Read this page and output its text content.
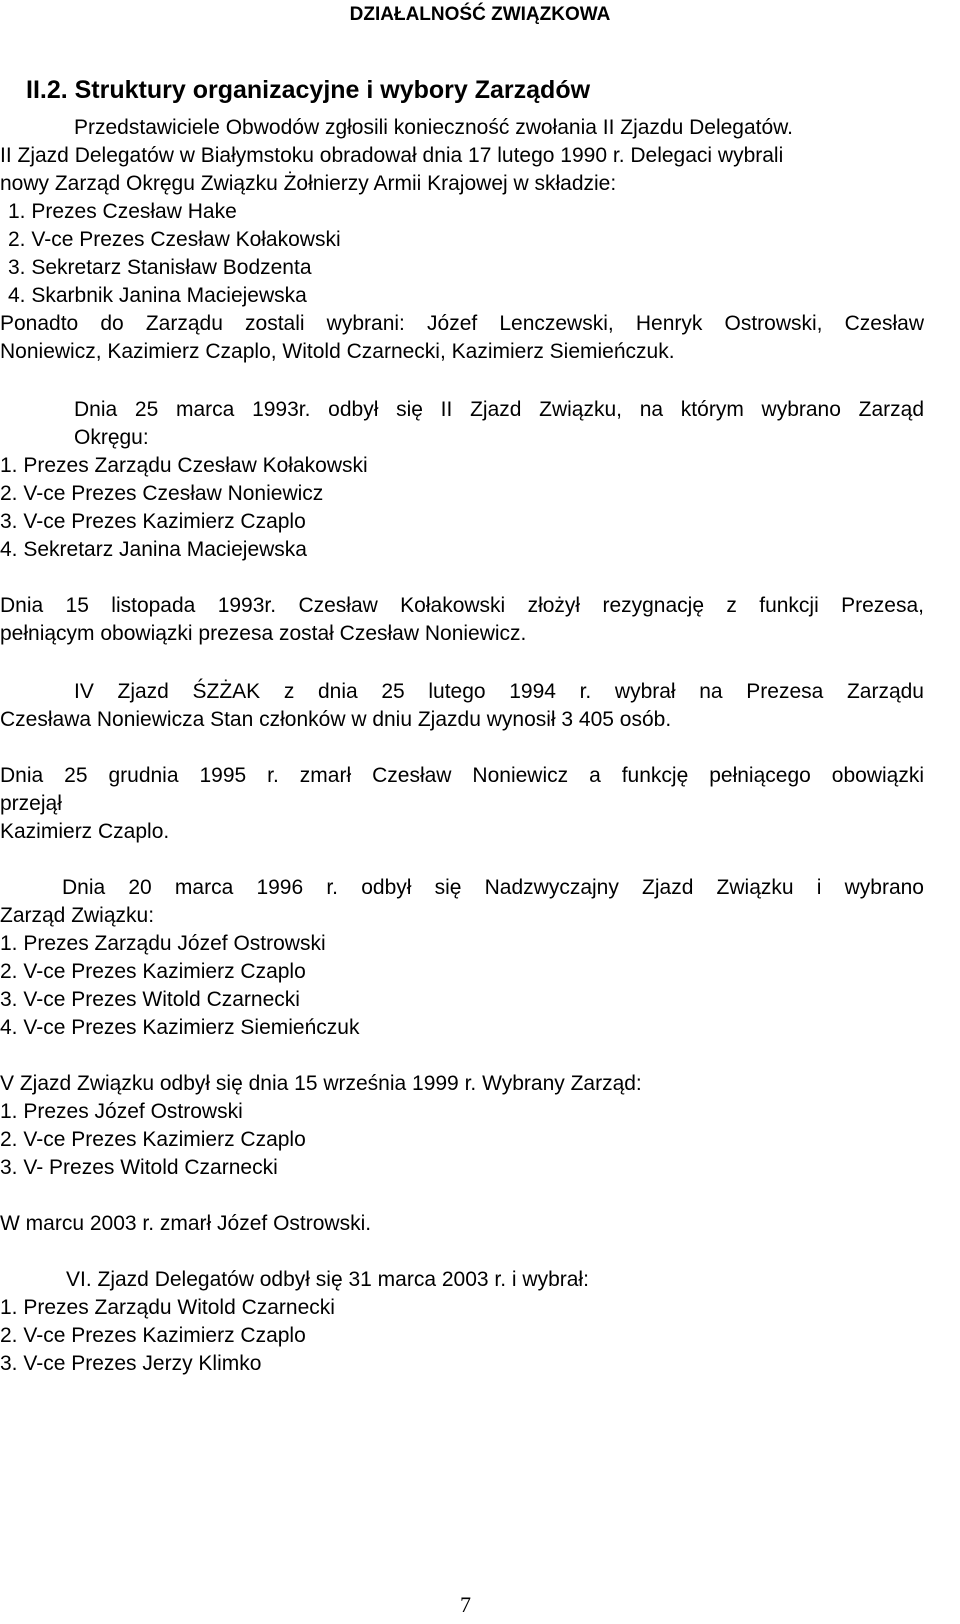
DZIAŁALNOŚĆ ZWIĄZKOWA
II.2. Struktury organizacyjne i wybory Zarządów
Przedstawiciele Obwodów zgłosili konieczność zwołania II Zjazdu Delegatów.
II Zjazd Delegatów w Białymstoku obradował dnia 17 lutego 1990 r. Delegaci wybrali
nowy Zarząd Okręgu Związku Żołnierzy Armii Krajowej w składzie:
1. Prezes Czesław Hake
2. V-ce Prezes Czesław Kołakowski
3. Sekretarz Stanisław Bodzenta
4. Skarbnik Janina Maciejewska
Ponadto do Zarządu zostali wybrani: Józef Lenczewski, Henryk Ostrowski, Czesław
Noniewicz, Kazimierz Czaplo, Witold Czarnecki, Kazimierz Siemieńczuk.
Dnia 25 marca 1993r. odbył się II Zjazd Związku, na którym wybrano Zarząd
Okręgu:
1. Prezes Zarządu Czesław Kołakowski
2. V-ce Prezes Czesław Noniewicz
3. V-ce Prezes Kazimierz Czaplo
4. Sekretarz Janina Maciejewska
Dnia 15 listopada 1993r. Czesław Kołakowski złożył rezygnację z funkcji Prezesa,
pełniącym obowiązki prezesa został Czesław Noniewicz.
IV Zjazd ŚZŻAK z dnia 25 lutego 1994 r. wybrał na Prezesa Zarządu
Czesława Noniewicza Stan członków w dniu Zjazdu wynosił 3 405 osób.
Dnia 25 grudnia 1995 r. zmarł Czesław Noniewicz a funkcję pełniącego obowiązki
przejął
Kazimierz Czaplo.
Dnia 20 marca 1996 r. odbył się Nadzwyczajny Zjazd Związku i wybrano
Zarząd Związku:
1. Prezes Zarządu Józef Ostrowski
2. V-ce Prezes Kazimierz Czaplo
3. V-ce Prezes Witold Czarnecki
4. V-ce Prezes Kazimierz Siemieńczuk
V Zjazd Związku odbył się dnia 15 września 1999 r. Wybrany Zarząd:
1. Prezes Józef Ostrowski
2. V-ce Prezes Kazimierz Czaplo
3. V- Prezes Witold Czarnecki
W marcu 2003 r. zmarł Józef Ostrowski.
VI. Zjazd Delegatów odbył się 31 marca 2003 r. i wybrał:
1. Prezes Zarządu Witold Czarnecki
2. V-ce Prezes Kazimierz Czaplo
3. V-ce Prezes Jerzy Klimko
7
